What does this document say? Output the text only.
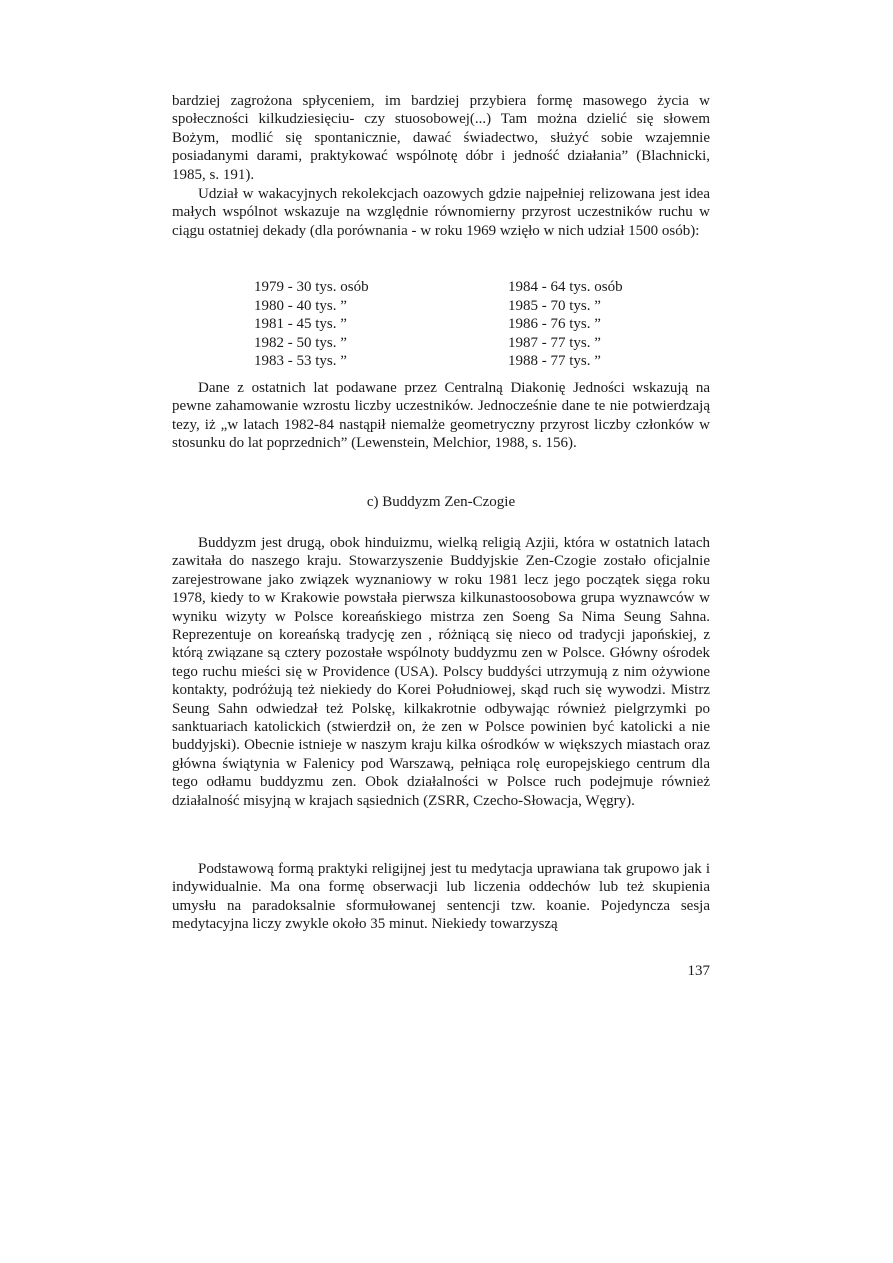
bardziej zagrożona spłyceniem, im bardziej przybiera formę masowego życia w społeczności kilkudziesięciu- czy stuosobowej(...) Tam można dzielić się słowem Bożym, modlić się spontanicznie, dawać świadectwo, służyć sobie wzajemnie posiadanymi darami, praktykować wspólnotę dóbr i jedność działania” (Blachnicki, 1985, s. 191).

Udział w wakacyjnych rekolekcjach oazowych gdzie najpełniej relizowana jest idea małych wspólnot wskazuje na względnie równomierny przyrost uczestników ruchu w ciągu ostatniej dekady (dla porównania - w roku 1969 wzięło w nich udział 1500 osób):

1979 - 30 tys. osób
1980 - 40 tys. ”
1981 - 45 tys. ”
1982 - 50 tys. ”
1983 - 53 tys. ”
1984 - 64 tys. osób
1985 - 70 tys. ”
1986 - 76 tys. ”
1987 - 77 tys. ”
1988 - 77 tys. ”

Dane z ostatnich lat podawane przez Centralną Diakonię Jedności wskazują na pewne zahamowanie wzrostu liczby uczestników. Jednocześnie dane te nie potwierdzają tezy, iż „w latach 1982-84 nastąpił niemalże geometryczny przyrost liczby członków w stosunku do lat poprzednich” (Lewenstein, Melchior, 1988, s. 156).

c) Buddyzm Zen-Czogie

Buddyzm jest drugą, obok hinduizmu, wielką religią Azjii, która w ostatnich latach zawitała do naszego kraju. Stowarzyszenie Buddyjskie Zen-Czogie zostało oficjalnie zarejestrowane jako związek wyznaniowy w roku 1981 lecz jego początek sięga roku 1978, kiedy to w Krakowie powstała pierwsza kilkunastoosobowa grupa wyznawców w wyniku wizyty w Polsce koreańskiego mistrza zen Soeng Sa Nima Seung Sahna. Reprezentuje on koreańską tradycję zen , różniącą się nieco od tradycji japońskiej, z którą związane są cztery pozostałe wspólnoty buddyzmu zen w Polsce. Główny ośrodek tego ruchu mieści się w Providence (USA). Polscy buddyści utrzymują z nim ożywione kontakty, podróżują też niekiedy do Korei Południowej, skąd ruch się wywodzi. Mistrz Seung Sahn odwiedzał też Polskę, kilkakrotnie odbywając również pielgrzymki po sanktuariach katolickich (stwierdził on, że zen w Polsce powinien być katolicki a nie buddyjski). Obecnie istnieje w naszym kraju kilka ośrodków w większych miastach oraz główna świątynia w Falenicy pod Warszawą, pełniąca rolę europejskiego centrum dla tego odłamu buddyzmu zen. Obok działalności w Polsce ruch podejmuje również działalność misyjną w krajach sąsiednich (ZSRR, Czecho-Słowacja, Węgry).

Podstawową formą praktyki religijnej jest tu medytacja uprawiana tak grupowo jak i indywidualnie. Ma ona formę obserwacji lub liczenia oddechów lub też skupienia umysłu na paradoksalnie sformułowanej sentencji tzw. koanie. Pojedyncza sesja medytacyjna liczy zwykle około 35 minut. Niekiedy towarzyszą

137
